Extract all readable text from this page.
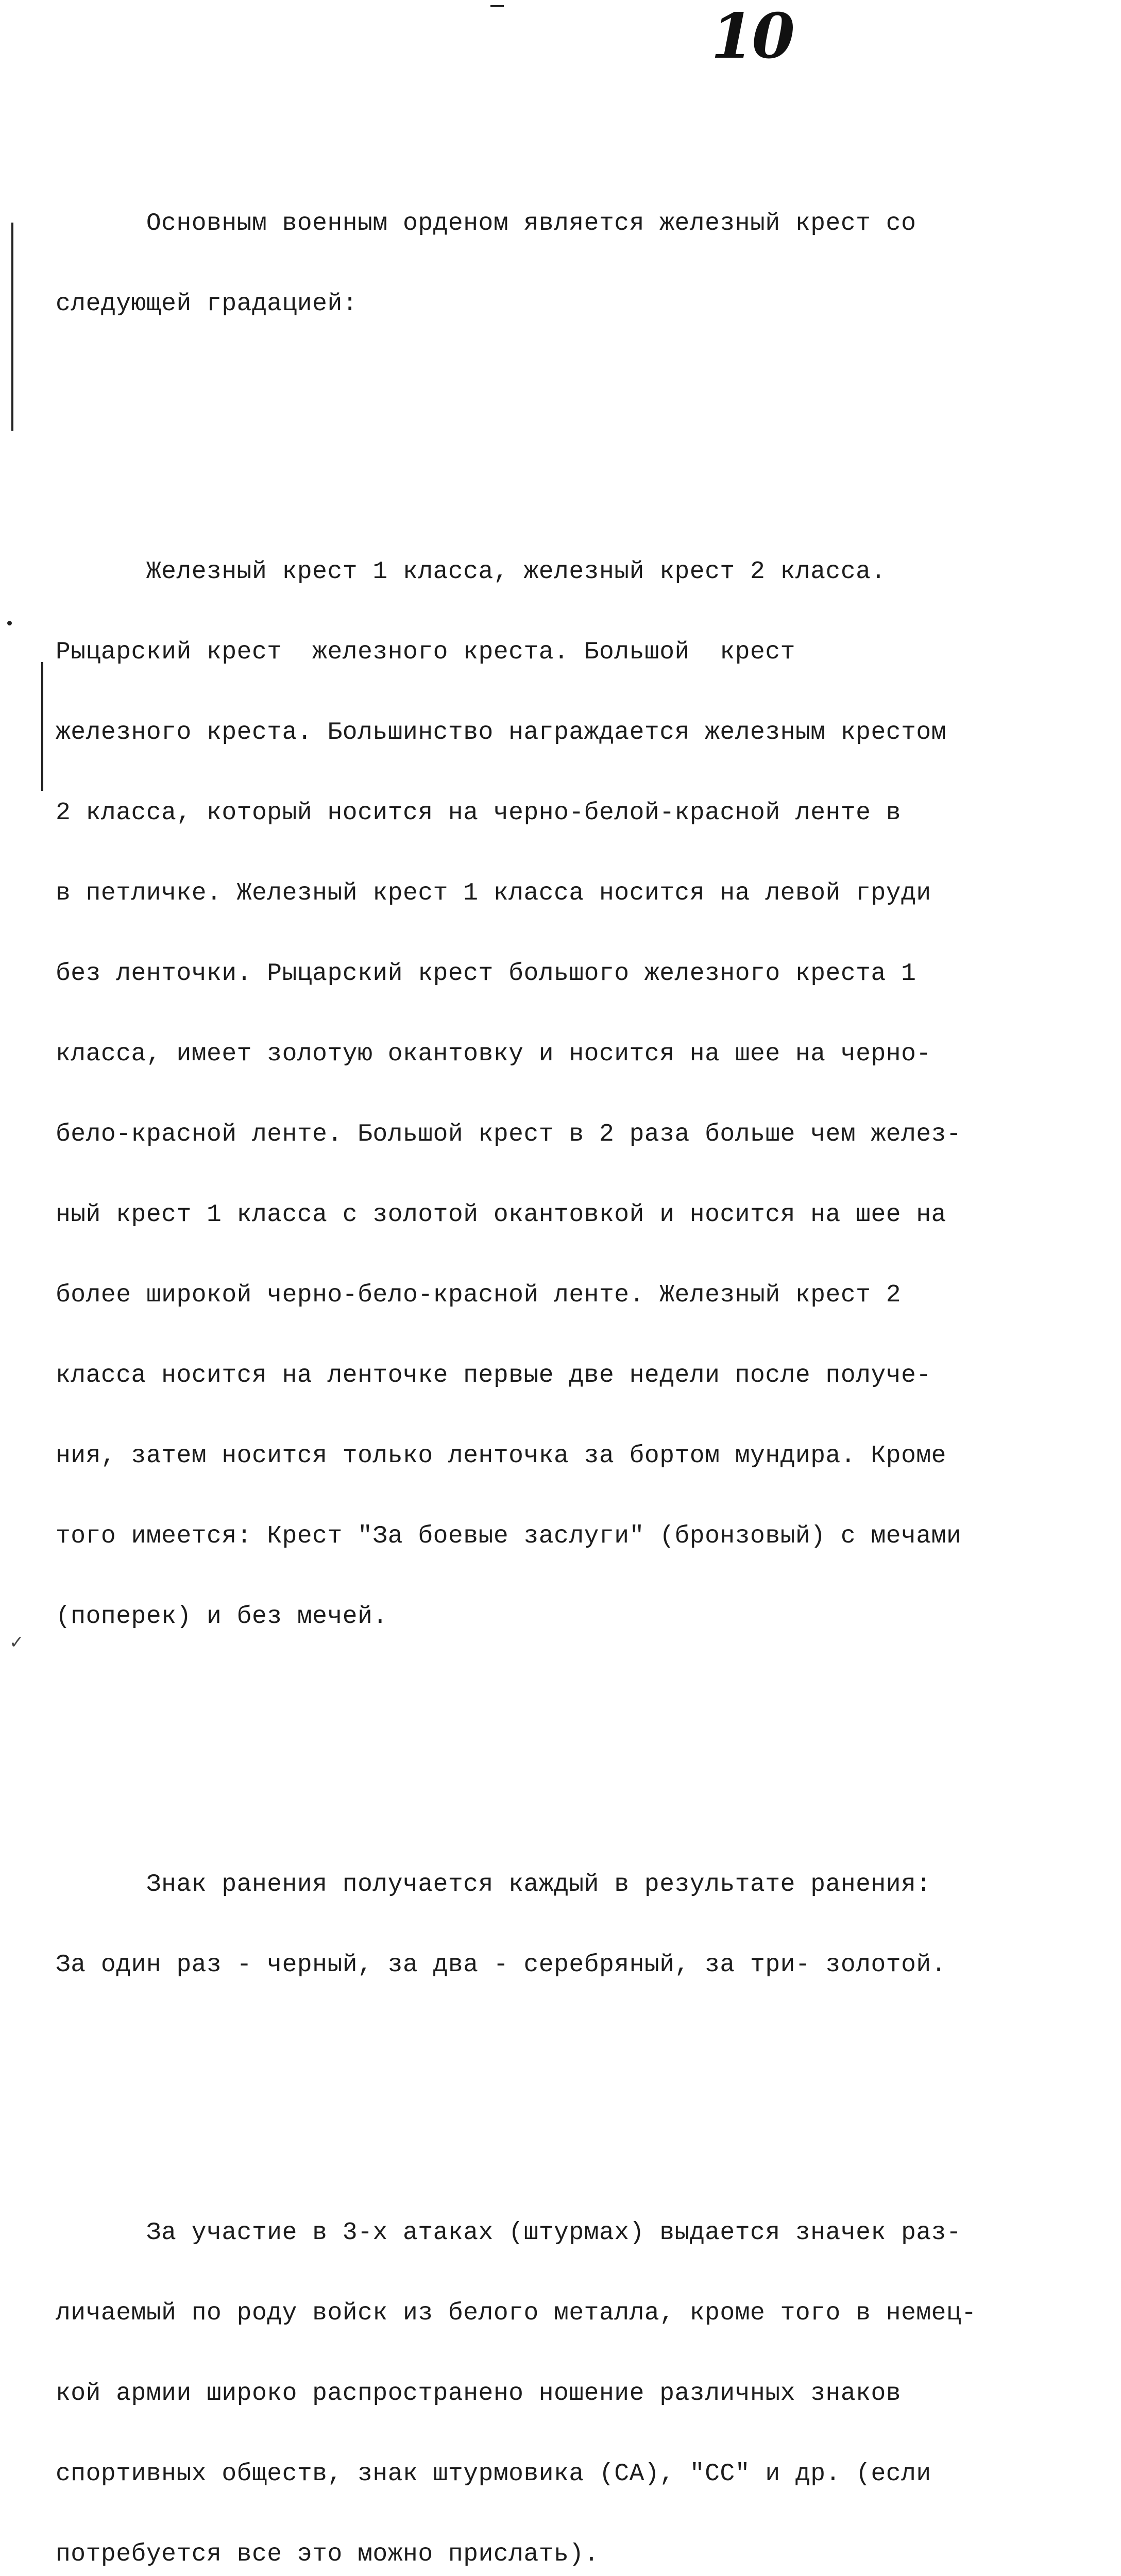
10
✓

Основным военным орденом является железный крест со

следующей градацией:

Железный крест 1 класса, железный крест 2 класса.

Рыцарский крест  железного креста. Большой  крест

железного креста. Большинство награждается железным крестом

2 класса, который носится на черно-белой-красной ленте в

в петличке. Железный крест 1 класса носится на левой груди

без ленточки. Рыцарский крест большого железного креста 1

класса, имеет золотую окантовку и носится на шее на черно-

бело-красной ленте. Большой крест в 2 раза больше чем желез-

ный крест 1 класса с золотой окантовкой и носится на шее на

более широкой черно-бело-красной ленте. Железный крест 2

класса носится на ленточке первые две недели после получе-

ния, затем носится только ленточка за бортом мундира. Кроме

того имеется: Крест "За боевые заслуги" (бронзовый) с мечами

(поперек) и без мечей.

Знак ранения получается каждый в результате ранения:

За один раз - черный, за два - серебряный, за три- золотой.

За участие в 3-х атаках (штурмах) выдается значек раз-

личаемый по роду войск из белого металла, кроме того в немец-

кой армии широко распространено ношение различных знаков

спортивных обществ, знак штурмовика (СА), "СС" и др. (если

потребуется все это можно прислать).
